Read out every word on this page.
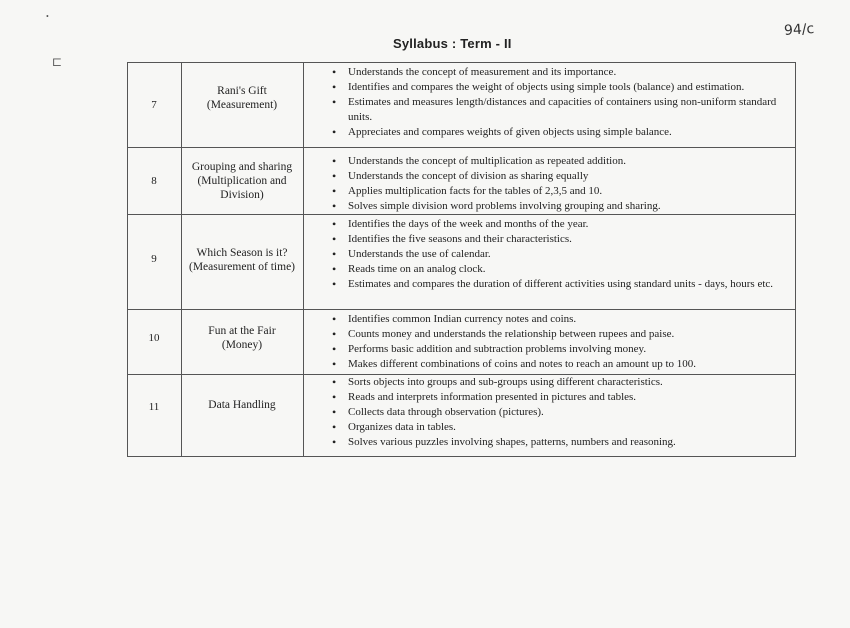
94/c
⊏
•
Syllabus : Term - II
7
Rani's Gift
(Measurement)
• Understands the concept of measurement and its importance.
• Identifies and compares the weight of objects using simple tools (balance) and estimation.
• Estimates and measures length/distances and capacities of containers using non-uniform standard units.
• Appreciates and compares weights of given objects using simple balance.
8
Grouping and sharing
(Multiplication and
Division)
• Understands the concept of multiplication as repeated addition.
• Understands the concept of division as sharing equally
• Applies multiplication facts for the tables of 2,3,5 and 10.
• Solves simple division word problems involving grouping and sharing.
9	Which Season is it?
(Measurement of time)
• Identifies the days of the week and months of the year.
• Identifies the five seasons and their characteristics.
• Understands the use of calendar.
• Reads time on an analog clock.
• Estimates and compares the duration of different activities using standard units - days, hours etc.
10
Fun at the Fair
(Money)
• Identifies common Indian currency notes and coins.
• Counts money and understands the relationship between rupees and paise.
• Performs basic addition and subtraction problems involving money.
• Makes different combinations of coins and notes to reach an amount up to 100.
11	Data Handling
• Sorts objects into groups and sub-groups using different characteristics.
• Reads and interprets information presented in pictures and tables.
• Collects data through observation (pictures).
• Organizes data in tables.
• Solves various puzzles involving shapes, patterns, numbers and reasoning.
